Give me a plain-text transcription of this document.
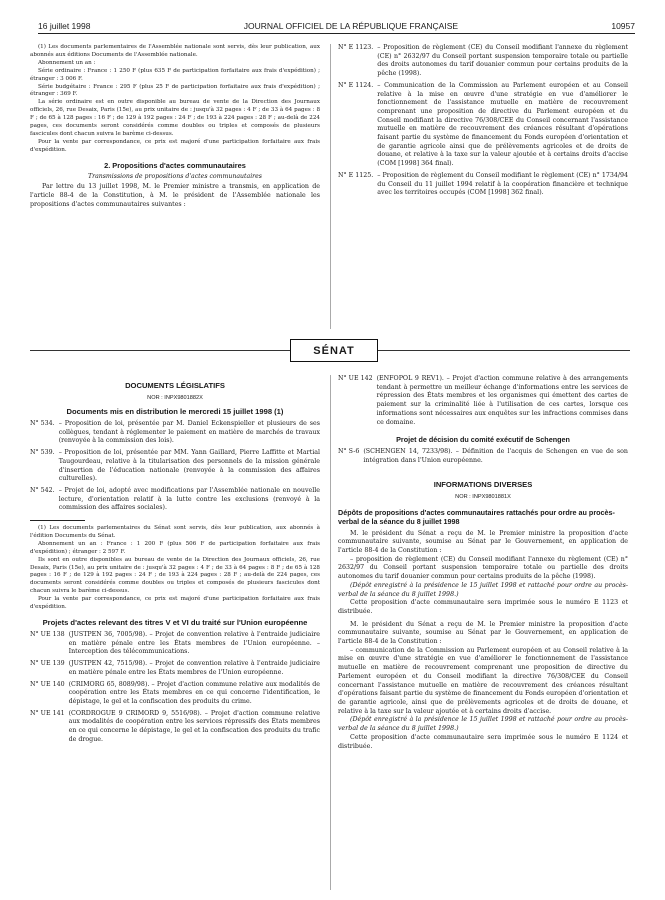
16 juillet 1998	JOURNAL OFFICIEL DE LA RÉPUBLIQUE FRANÇAISE	10957

(1) Les documents parlementaires de l'Assemblée nationale sont servis, dès leur publication, aux abonnés aux éditions Documents de l'Assemblée nationale.

Abonnement un an :

Série ordinaire : France : 1 250 F (plus 635 F de participation forfaitaire aux frais d'expédition) ; étranger : 3 006 F.

Série budgétaire : France : 295 F (plus 25 F de participation forfaitaire aux frais d'expédition) ; étranger : 369 F.

La série ordinaire est en outre disponible au bureau de vente de la Direction des Journaux officiels, 26, rue Desaix, Paris (15e), au prix unitaire de : jusqu'à 32 pages : 4 F ; de 33 à 64 pages : 8 F ; de 65 à 128 pages : 16 F ; de 129 à 192 pages : 24 F ; de 193 à 224 pages : 28 F ; au-delà de 224 pages, ces documents seront considérés comme doubles ou triples et composés de plusieurs fascicules dont chacun suivra le barème ci-dessus.

Pour la vente par correspondance, ce prix est majoré d'une participation forfaitaire aux frais d'expédition.

2. Propositions d'actes communautaires
Transmissions de propositions d'actes communautaires

Par lettre du 13 juillet 1998, M. le Premier ministre a transmis, en application de l'article 88-4 de la Constitution, à M. le président de l'Assemblée nationale les propositions d'actes communautaires suivantes :

N° E 1123. – Proposition de règlement (CE) du Conseil modifiant l'annexe du règlement (CE) n° 2632/97 du Conseil portant suspension temporaire totale ou partielle des droits autonomes du tarif douanier commun pour certains produits de la pêche (1998).
N° E 1124. – Communication de la Commission au Parlement européen et au Conseil relative à la mise en œuvre d'une stratégie en vue d'améliorer le fonctionnement de l'assistance mutuelle en matière de recouvrement comprenant une proposition de directive du Parlement européen et du Conseil modifiant la directive 76/308/CEE du Conseil concernant l'assistance mutuelle en matière de recouvrement des créances résultant d'opérations faisant partie du système de financement du Fonds européen d'orientation et de garantie agricole ainsi que de prélèvements agricoles et de droits de douane, et relative à la taxe sur la valeur ajoutée et à certains droits d'accise (COM [1998] 364 final).
N° E 1125. – Proposition de règlement du Conseil modifiant le règlement (CE) n° 1734/94 du Conseil du 11 juillet 1994 relatif à la coopération financière et technique avec les territoires occupés (COM [1998] 362 final).
SÉNAT
DOCUMENTS LÉGISLATIFS
NOR : INPX9801882X
Documents mis en distribution le mercredi 15 juillet 1998 (1)
N° 534. – Proposition de loi, présentée par M. Daniel Eckenspieller et plusieurs de ses collègues, tendant à réglementer le paiement en matière de marchés de travaux (renvoyée à la commission des lois).
N° 539. – Proposition de loi, présentée par MM. Yann Gaillard, Pierre Laffitte et Martial Taugourdeau, relative à la titularisation des personnels de la mission générale d'insertion de l'éducation nationale (renvoyée à la commission des affaires culturelles).
N° 542. – Projet de loi, adopté avec modifications par l'Assemblée nationale en nouvelle lecture, d'orientation relatif à la lutte contre les exclusions (renvoyé à la commission des affaires sociales).

(1) Les documents parlementaires du Sénat sont servis, dès leur publication, aux abonnés à l'édition Documents du Sénat.

Abonnement un an : France : 1 200 F (plus 506 F de participation forfaitaire aux frais d'expédition) ; étranger : 2 597 F.

Ils sont en outre disponibles au bureau de vente de la Direction des Journaux officiels, 26, rue Desaix, Paris (15e), au prix unitaire de : jusqu'à 32 pages : 4 F ; de 33 à 64 pages : 8 F ; de 65 à 128 pages : 16 F ; de 129 à 192 pages : 24 F ; de 193 à 224 pages : 28 F ; au-delà de 224 pages, ces documents seront considérés comme doubles ou triples et composés de plusieurs fascicules dont chacun suivra le barème ci-dessus.

Pour la vente par correspondance, ce prix est majoré d'une participation forfaitaire aux frais d'expédition.

Projets d'actes relevant des titres V et VI du traité sur l'Union européenne
N° UE 138 (JUSTPEN 36, 7005/98). – Projet de convention relative à l'entraide judiciaire en matière pénale entre les États membres de l'Union européenne. – Interception des télécommunications.
N° UE 139 (JUSTPEN 42, 7515/98). – Projet de convention relative à l'entraide judiciaire en matière pénale entre les États membres de l'Union européenne.
N° UE 140 (CRIMORG 65, 8089/98). – Projet d'action commune relative aux modalités de coopération entre les États membres en ce qui concerne l'identification, le dépistage, le gel et la confiscation des produits du crime.
N° UE 141 (CORDROGUE 9 CRIMORD 9, 5516/98). – Projet d'action commune relative aux modalités de coopération entre les services répressifs des États membres en ce qui concerne le dépistage, le gel et la confiscation des produits du trafic de drogue.
N° UE 142 (ENFOPOL 9 REV1). – Projet d'action commune relative à des arrangements tendant à permettre un meilleur échange d'informations entre les services de répression des États membres et les organismes qui émettent des cartes de paiement sur la criminalité liée à l'utilisation de ces cartes, lorsque ces informations sont nécessaires aux enquêtes sur les infractions commises dans ce domaine.
Projet de décision du comité exécutif de Schengen
N° S-6 (SCHENGEN 14, 7233/98). – Définition de l'acquis de Schengen en vue de son intégration dans l'Union européenne.
INFORMATIONS DIVERSES
NOR : INPX9801881X
Dépôts de propositions d'actes communautaires rattachés pour ordre au procès-verbal de la séance du 8 juillet 1998

M. le président du Sénat a reçu de M. le Premier ministre la proposition d'acte communautaire suivante, soumise au Sénat par le Gouvernement, en application de l'article 88-4 de la Constitution :

– proposition de règlement (CE) du Conseil modifiant l'annexe du règlement (CE) n° 2632/97 du Conseil portant suspension temporaire totale ou partielle des droits autonomes du tarif douanier commun pour certains produits de la pêche (1998).

(Dépôt enregistré à la présidence le 15 juillet 1998 et rattaché pour ordre au procès-verbal de la séance du 8 juillet 1998.)

Cette proposition d'acte communautaire sera imprimée sous le numéro E 1123 et distribuée.

M. le président du Sénat a reçu de M. le Premier ministre la proposition d'acte communautaire suivante, soumise au Sénat par le Gouvernement, en application de l'article 88-4 de la Constitution :

– communication de la Commission au Parlement européen et au Conseil relative à la mise en œuvre d'une stratégie en vue d'améliorer le fonctionnement de l'assistance mutuelle en matière de recouvrement comprenant une proposition de directive du Parlement européen et du Conseil modifiant la directive 76/308/CEE du Conseil concernant l'assistance mutuelle en matière de recouvrement des créances résultant d'opérations faisant partie du système de financement du Fonds européen d'orientation et de garantie agricole, ainsi que de prélèvements agricoles et de droits de douane, et relative à la taxe sur la valeur ajoutée et à certains droits d'accise.

(Dépôt enregistré à la présidence le 15 juillet 1998 et rattaché pour ordre au procès-verbal de la séance du 8 juillet 1998.)

Cette proposition d'acte communautaire sera imprimée sous le numéro E 1124 et distribuée.
